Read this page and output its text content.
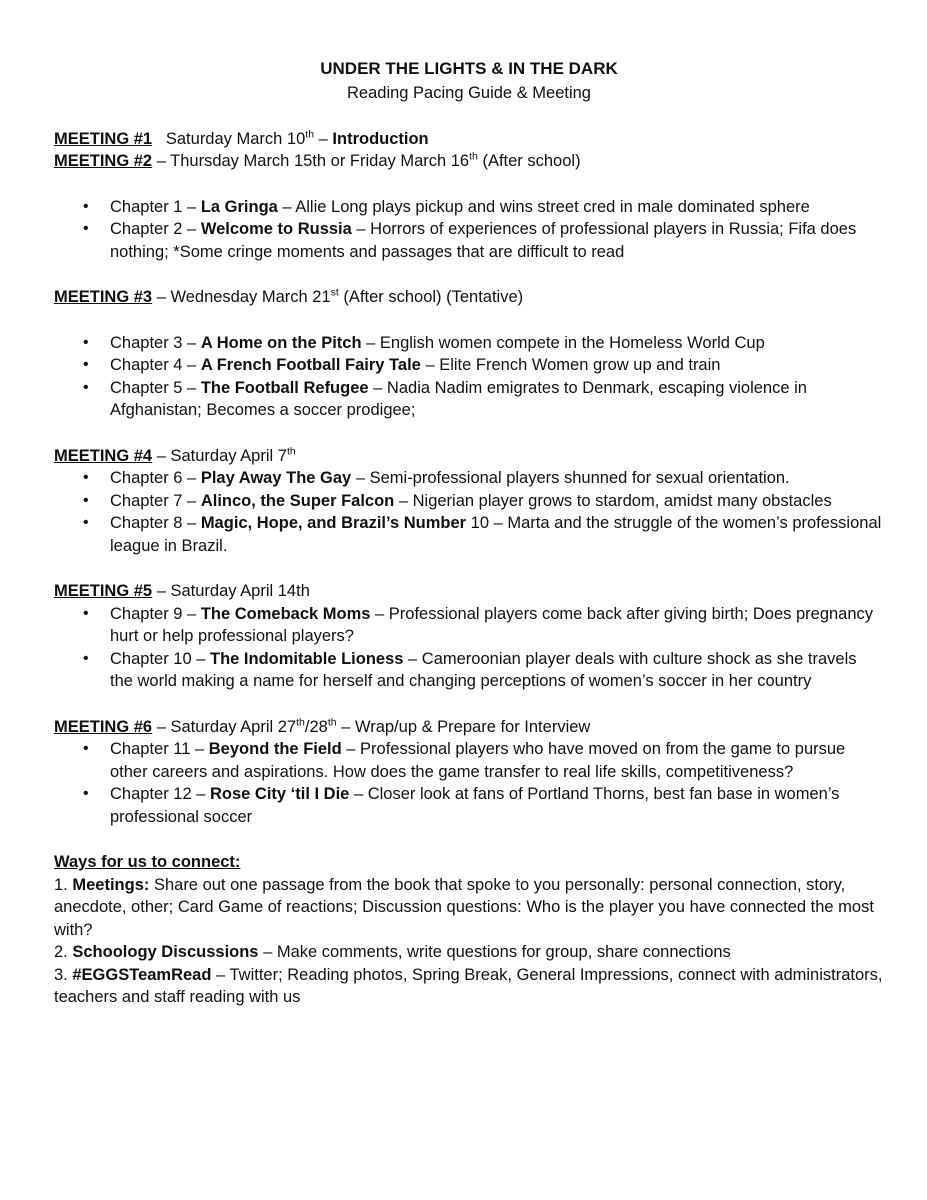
UNDER THE LIGHTS & IN THE DARK

Reading Pacing Guide & Meeting

MEETING #1 Saturday March 10th – Introduction

MEETING #2 – Thursday March 15th or Friday March 16th (After school)

• Chapter 1 – La Gringa – Allie Long plays pickup and wins street cred in male dominated sphere
• Chapter 2 – Welcome to Russia – Horrors of experiences of professional players in Russia; Fifa does nothing; *Some cringe moments and passages that are difficult to read

MEETING #3 – Wednesday March 21st (After school) (Tentative)

• Chapter 3 – A Home on the Pitch – English women compete in the Homeless World Cup
• Chapter 4 – A French Football Fairy Tale – Elite French Women grow up and train
• Chapter 5 – The Football Refugee – Nadia Nadim emigrates to Denmark, escaping violence in Afghanistan; Becomes a soccer prodigee;

MEETING #4 – Saturday April 7th

• Chapter 6 – Play Away The Gay – Semi-professional players shunned for sexual orientation.
• Chapter 7 – Alinco, the Super Falcon – Nigerian player grows to stardom, amidst many obstacles
• Chapter 8 – Magic, Hope, and Brazil’s Number 10 – Marta and the struggle of the women’s professional league in Brazil.

MEETING #5 – Saturday April 14th

• Chapter 9 – The Comeback Moms – Professional players come back after giving birth; Does pregnancy hurt or help professional players?
• Chapter 10 – The Indomitable Lioness – Cameroonian player deals with culture shock as she travels the world making a name for herself and changing perceptions of women’s soccer in her country

MEETING #6 – Saturday April 27th/28th – Wrap/up & Prepare for Interview

• Chapter 11 – Beyond the Field – Professional players who have moved on from the game to pursue other careers and aspirations. How does the game transfer to real life skills, competitiveness?
• Chapter 12 – Rose City ‘til I Die – Closer look at fans of Portland Thorns, best fan base in women’s professional soccer

Ways for us to connect:

1. Meetings: Share out one passage from the book that spoke to you personally: personal connection, story, anecdote, other; Card Game of reactions; Discussion questions: Who is the player you have connected the most with?

2. Schoology Discussions – Make comments, write questions for group, share connections

3. #EGGSTeamRead – Twitter; Reading photos, Spring Break, General Impressions, connect with administrators, teachers and staff reading with us
